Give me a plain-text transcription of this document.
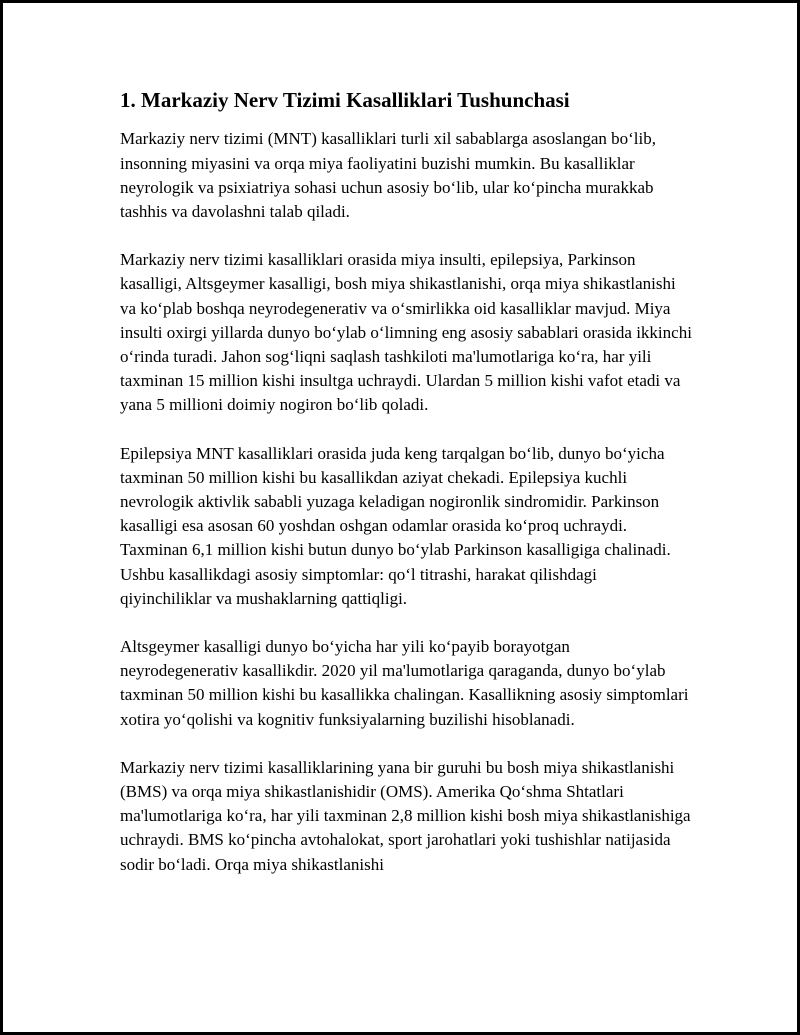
1. Markaziy Nerv Tizimi Kasalliklari Tushunchasi

Markaziy nerv tizimi (MNT) kasalliklari turli xil sabablarga asoslangan bo‘lib, insonning miyasini va orqa miya faoliyatini buzishi mumkin. Bu kasalliklar neyrologik va psixiatriya sohasi uchun asosiy bo‘lib, ular ko‘pincha murakkab tashhis va davolashni talab qiladi.

Markaziy nerv tizimi kasalliklari orasida miya insulti, epilepsiya, Parkinson kasalligi, Altsgeymer kasalligi, bosh miya shikastlanishi, orqa miya shikastlanishi va ko‘plab boshqa neyrodegenerativ va o‘smirlikka oid kasalliklar mavjud. Miya insulti oxirgi yillarda dunyo bo‘ylab o‘limning eng asosiy sabablari orasida ikkinchi o‘rinda turadi. Jahon sog‘liqni saqlash tashkiloti ma'lumotlariga ko‘ra, har yili taxminan 15 million kishi insultga uchraydi. Ulardan 5 million kishi vafot etadi va yana 5 millioni doimiy nogiron bo‘lib qoladi.

Epilepsiya MNT kasalliklari orasida juda keng tarqalgan bo‘lib, dunyo bo‘yicha taxminan 50 million kishi bu kasallikdan aziyat chekadi. Epilepsiya kuchli nevrologik aktivlik sababli yuzaga keladigan nogironlik sindromidir. Parkinson kasalligi esa asosan 60 yoshdan oshgan odamlar orasida ko‘proq uchraydi. Taxminan 6,1 million kishi butun dunyo bo‘ylab Parkinson kasalligiga chalinadi. Ushbu kasallikdagi asosiy simptomlar: qo‘l titrashi, harakat qilishdagi qiyinchiliklar va mushaklarning qattiqligi.

Altsgeymer kasalligi dunyo bo‘yicha har yili ko‘payib borayotgan neyrodegenerativ kasallikdir. 2020 yil ma'lumotlariga qaraganda, dunyo bo‘ylab taxminan 50 million kishi bu kasallikka chalingan. Kasallikning asosiy simptomlari xotira yo‘qolishi va kognitiv funksiyalarning buzilishi hisoblanadi.

Markaziy nerv tizimi kasalliklarining yana bir guruhi bu bosh miya shikastlanishi (BMS) va orqa miya shikastlanishidir (OMS). Amerika Qo‘shma Shtatlari ma'lumotlariga ko‘ra, har yili taxminan 2,8 million kishi bosh miya shikastlanishiga uchraydi. BMS ko‘pincha avtohalokat, sport jarohatlari yoki tushishlar natijasida sodir bo‘ladi. Orqa miya shikastlanishi
